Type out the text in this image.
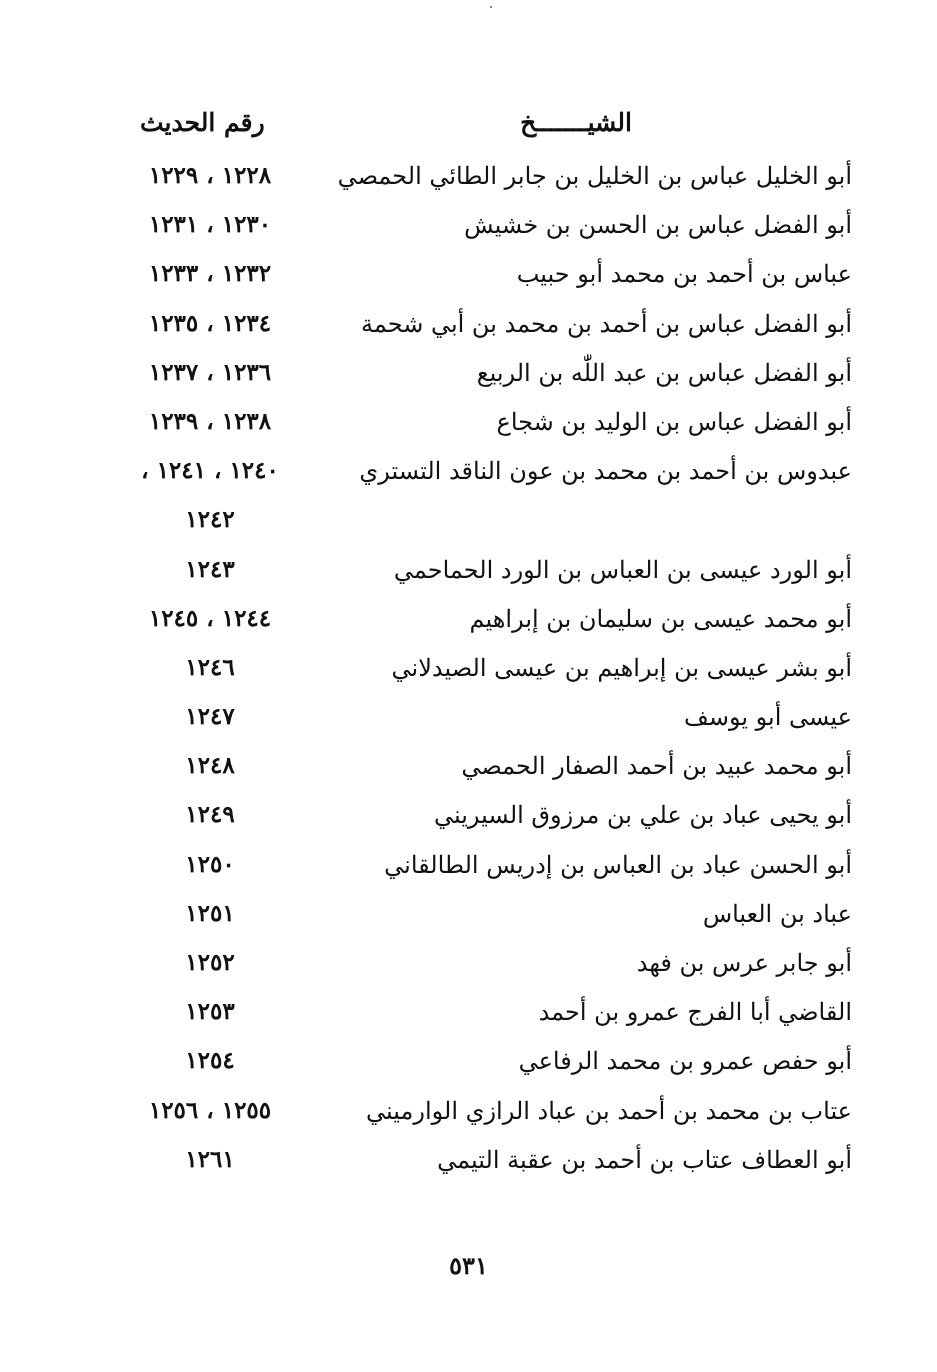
الشيـــــــخ
رقم الحديث
أبو الخليل عباس بن الخليل بن جابر الطائي الحمصي
١٢٢٨ ، ١٢٢٩
أبو الفضل عباس بن الحسن بن خشيش
١٢٣٠ ، ١٢٣١
عباس بن أحمد بن محمد أبو حبيب
١٢٣٢ ، ١٢٣٣
أبو الفضل عباس بن أحمد بن محمد بن أبي شحمة
١٢٣٤ ، ١٢٣٥
أبو الفضل عباس بن عبد اللّٰه بن الربيع
١٢٣٦ ، ١٢٣٧
أبو الفضل عباس بن الوليد بن شجاع
١٢٣٨ ، ١٢٣٩
عبدوس بن أحمد بن محمد بن عون الناقد التستري
١٢٤٠ ، ١٢٤١ ،
١٢٤٢
أبو الورد عيسى بن العباس بن الورد الحماحمي
١٢٤٣
أبو محمد عيسى بن سليمان بن إبراهيم
١٢٤٤ ، ١٢٤٥
أبو بشر عيسى بن إبراهيم بن عيسى الصيدلاني
١٢٤٦
عيسى أبو يوسف
١٢٤٧
أبو محمد عبيد بن أحمد الصفار الحمصي
١٢٤٨
أبو يحيى عباد بن علي بن مرزوق السيريني
١٢٤٩
أبو الحسن عباد بن العباس بن إدريس الطالقاني
١٢٥٠
عباد بن العباس
١٢٥١
أبو جابر عرس بن فهد
١٢٥٢
القاضي أبا الفرج عمرو بن أحمد
١٢٥٣
أبو حفص عمرو بن محمد الرفاعي
١٢٥٤
عتاب بن محمد بن أحمد بن عباد الرازي الوارميني
١٢٥٥ ، ١٢٥٦
أبو العطاف عتاب بن أحمد بن عقبة التيمي
١٢٦١
٥٣١
